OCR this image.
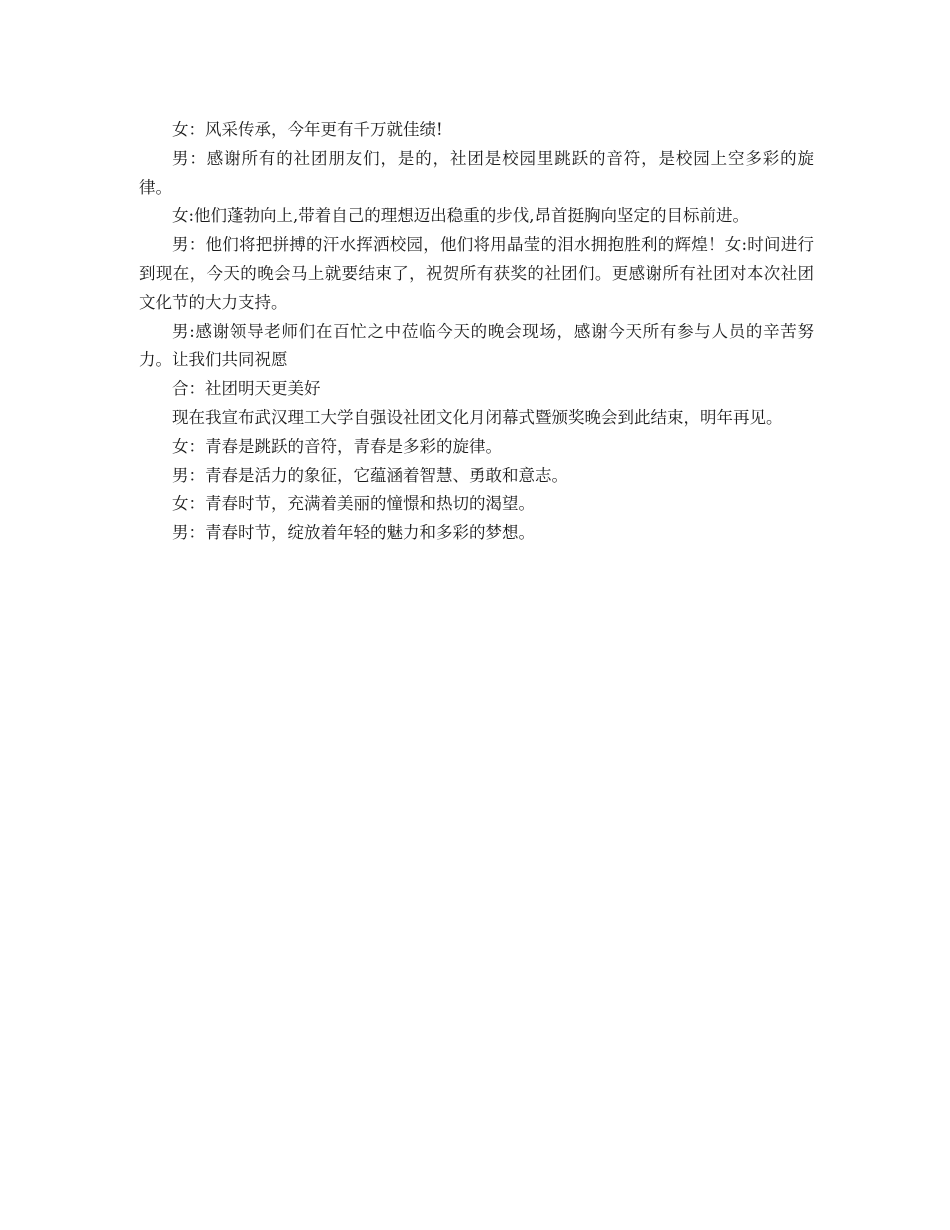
女：风采传承，今年更有千万就佳绩!

男：感谢所有的社团朋友们，是的，社团是校园里跳跃的音符，是校园上空多彩的旋律。

女:他们蓬勃向上,带着自己的理想迈出稳重的步伐,昂首挺胸向坚定的目标前进。

男：他们将把拼搏的汗水挥洒校园，他们将用晶莹的泪水拥抱胜利的辉煌！女:时间进行到现在，今天的晚会马上就要结束了，祝贺所有获奖的社团们。更感谢所有社团对本次社团文化节的大力支持。

男:感谢领导老师们在百忙之中莅临今天的晚会现场，感谢今天所有参与人员的辛苦努力。让我们共同祝愿

合：社团明天更美好

现在我宣布武汉理工大学自强设社团文化月闭幕式暨颁奖晚会到此结束，明年再见。

女：青春是跳跃的音符，青春是多彩的旋律。

男：青春是活力的象征，它蕴涵着智慧、勇敢和意志。

女：青春时节，充满着美丽的憧憬和热切的渴望。

男：青春时节，绽放着年轻的魅力和多彩的梦想。
